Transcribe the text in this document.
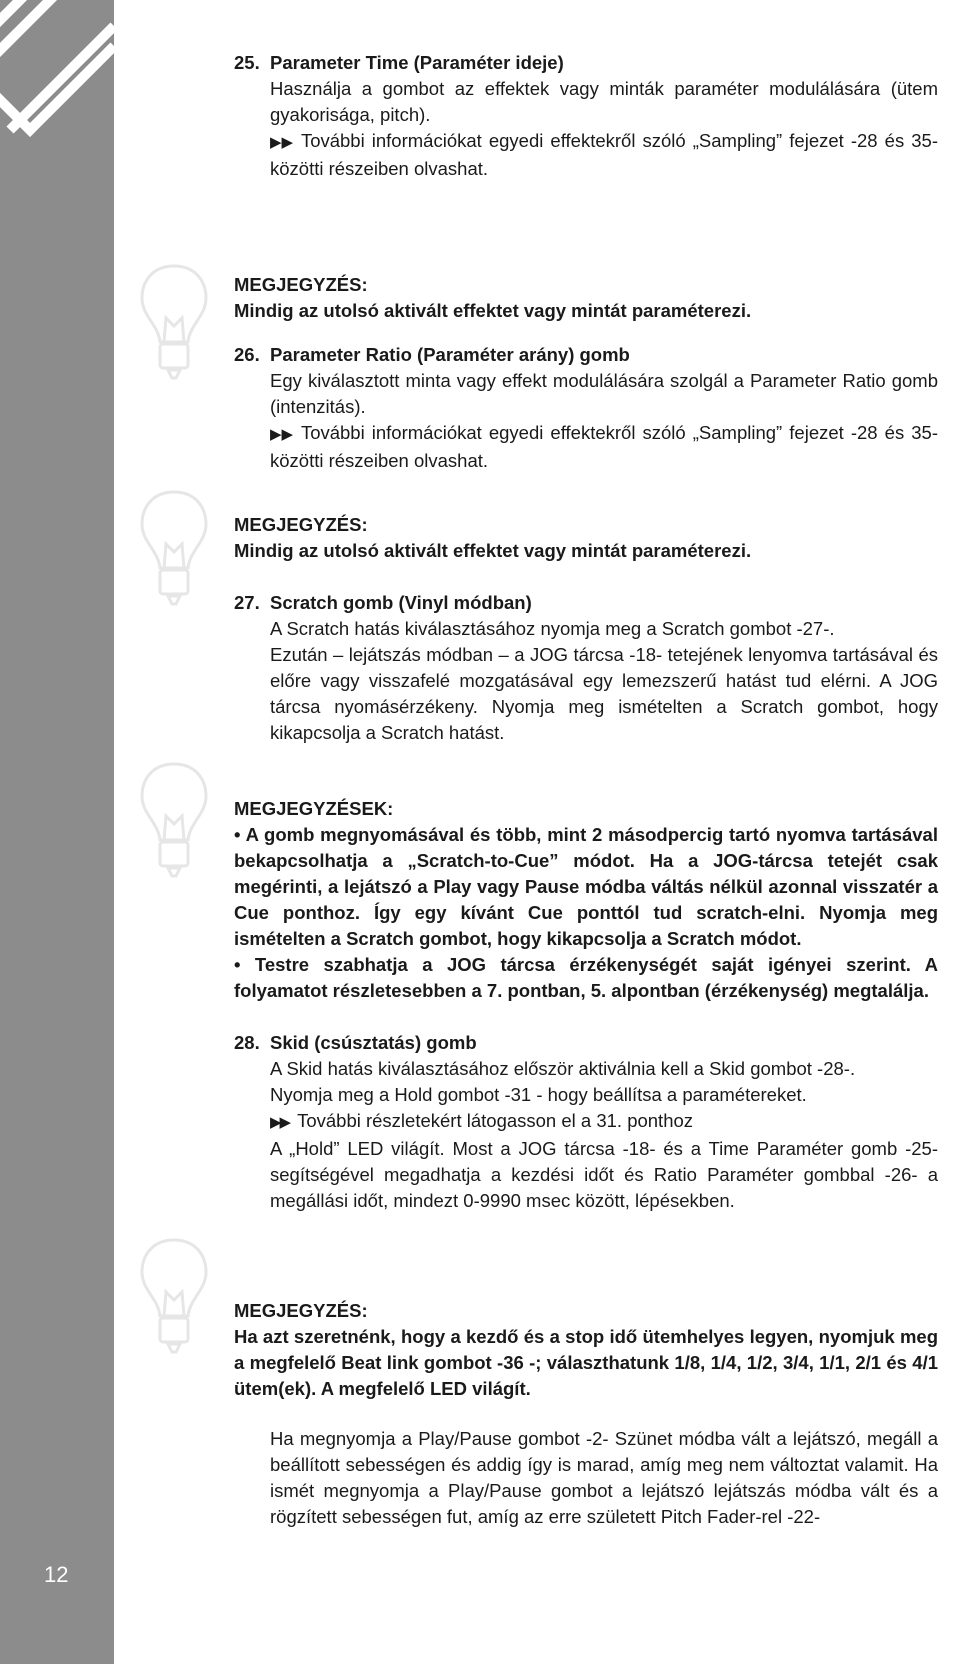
12
25. Parameter Time (Paraméter ideje)

Használja a gombot az effektek vagy minták paraméter modulálására (ütem gyakorisága, pitch).

▶▶ További információkat egyedi effektekről szóló „Sampling” fejezet -28 és 35- közötti részeiben olvashat.

MEGJEGYZÉS:

Mindig az utolsó aktivált effektet vagy mintát paraméterezi.

26. Parameter Ratio (Paraméter arány) gomb

Egy kiválasztott minta vagy effekt modulálására szolgál a Parameter Ratio gomb (intenzitás).

▶▶ További információkat egyedi effektekről szóló „Sampling” fejezet -28 és 35- közötti részeiben olvashat.

MEGJEGYZÉS:

Mindig az utolsó aktivált effektet vagy mintát paraméterezi.

27. Scratch gomb (Vinyl módban)

A Scratch hatás kiválasztásához nyomja meg a Scratch gombot -27-.

Ezután – lejátszás módban – a JOG tárcsa -18- tetejének lenyomva tartásával és előre vagy visszafelé mozgatásával egy lemezszerű hatást tud elérni. A JOG tárcsa nyomásérzékeny. Nyomja meg ismételten a Scratch gombot, hogy kikapcsolja a Scratch hatást.

MEGJEGYZÉSEK:

• A gomb megnyomásával és több, mint 2 másodpercig tartó nyomva tartásával bekapcsolhatja a „Scratch-to-Cue” módot. Ha a JOG-tárcsa tetejét csak megérinti, a lejátszó a Play vagy Pause módba váltás nélkül azonnal visszatér a Cue ponthoz. Így egy kívánt Cue ponttól tud scratch-elni. Nyomja meg ismételten a Scratch gombot, hogy kikapcsolja a Scratch módot.

• Testre szabhatja a JOG tárcsa érzékenységét saját igényei szerint. A folyamatot részletesebben a 7. pontban, 5. alpontban (érzékenység) megtalálja.

28. Skid (csúsztatás) gomb

A Skid hatás kiválasztásához először aktiválnia kell a Skid gombot -28-.

Nyomja meg a Hold gombot -31 - hogy beállítsa a paramétereket.

▶▶ További részletekért látogasson el a 31. ponthoz

A „Hold” LED világít. Most a JOG tárcsa -18- és a Time Paraméter gomb -25- segítségével megadhatja a kezdési időt és Ratio Paraméter gombbal -26- a megállási időt, mindezt 0-9990 msec között, lépésekben.

MEGJEGYZÉS:

Ha azt szeretnénk, hogy a kezdő és a stop idő ütemhelyes legyen, nyomjuk meg a megfelelő Beat link gombot -36 -; választhatunk 1/8, 1/4, 1/2, 3/4, 1/1, 2/1 és 4/1 ütem(ek). A megfelelő LED világít.

Ha megnyomja a Play/Pause gombot -2- Szünet módba vált a lejátszó, megáll a beállított sebességen és addig így is marad, amíg meg nem változtat valamit. Ha ismét megnyomja a Play/Pause gombot a lejátszó lejátszás módba vált és a rögzített sebességen fut, amíg az erre született Pitch Fader-rel -22-
